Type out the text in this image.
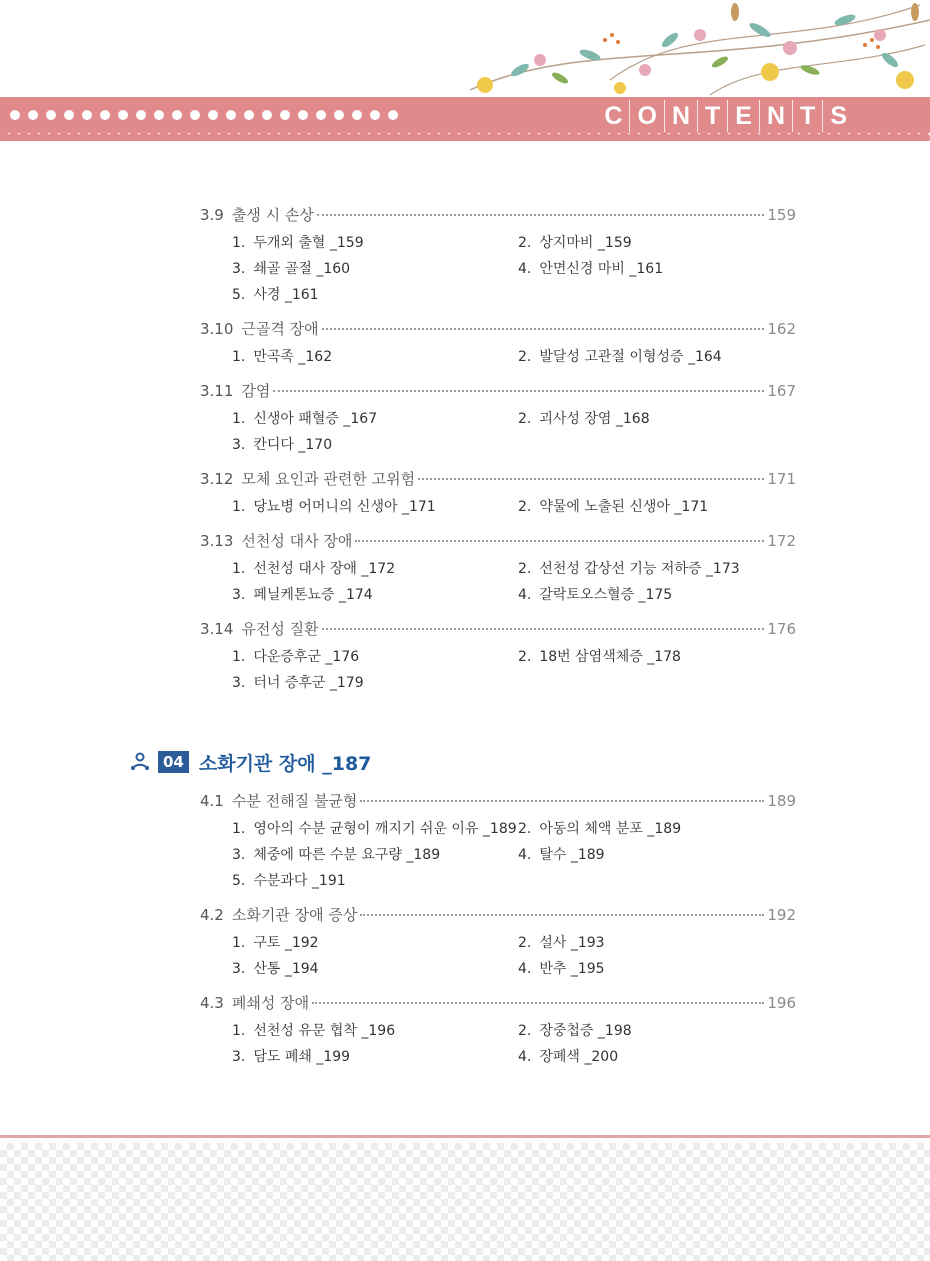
C O N T E N T S
3.9 출생 시 손상	159
1. 두개외 출혈 _159	2. 상지마비 _159
3. 쇄골 골절 _160	4. 안면신경 마비 _161
5. 사경 _161
3.10 근골격 장애	162
1. 만곡족 _162	2. 발달성 고관절 이형성증 _164
3.11 감염	167
1. 신생아 패혈증 _167	2. 괴사성 장염 _168
3. 칸디다 _170
3.12 모체 요인과 관련한 고위험	171
1. 당뇨병 어머니의 신생아 _171	2. 약물에 노출된 신생아 _171
3.13 선천성 대사 장애	172
1. 선천성 대사 장애 _172	2. 선천성 갑상선 기능 저하증 _173
3. 페닐케톤뇨증 _174	4. 갈락토오스혈증 _175
3.14 유전성 질환	176
1. 다운증후군 _176	2. 18번 삼염색체증 _178
3. 터너 증후군 _179
04 소화기관 장애 _187
4.1 수분 전해질 불균형	189
1. 영아의 수분 균형이 깨지기 쉬운 이유 _189 2. 아동의 체액 분포 _189
3. 체중에 따른 수분 요구량 _189	4. 탈수 _189
5. 수분과다 _191
4.2 소화기관 장애 증상	192
1. 구토 _192	2. 설사 _193
3. 산통 _194	4. 반추 _195
4.3 폐쇄성 장애	196
1. 선천성 유문 협착 _196	2. 장중첩증 _198
3. 담도 폐쇄 _199	4. 장폐색 _200
